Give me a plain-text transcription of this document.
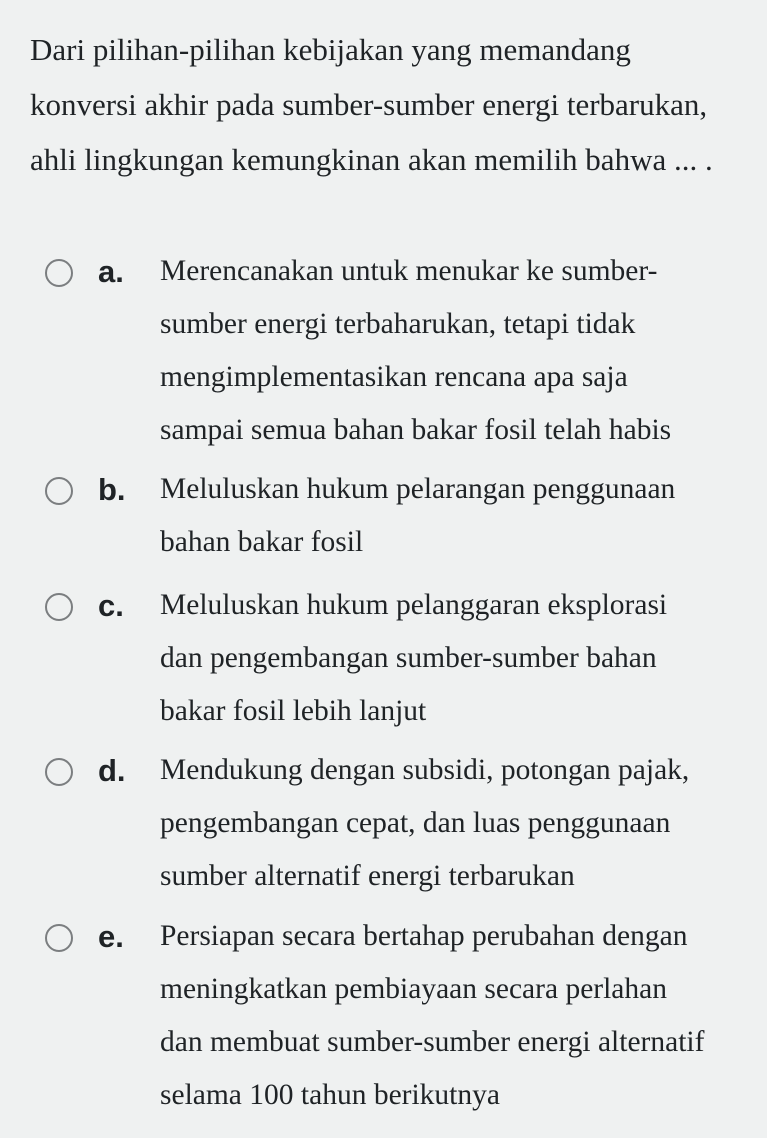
Dari pilihan-pilihan kebijakan yang memandang
konversi akhir pada sumber-sumber energi terbarukan,
ahli lingkungan kemungkinan akan memilih bahwa ... .
a. Merencanakan untuk menukar ke sumber-
sumber energi terbaharukan, tetapi tidak
mengimplementasikan rencana apa saja
sampai semua bahan bakar fosil telah habis
b. Meluluskan hukum pelarangan penggunaan
bahan bakar fosil
c. Meluluskan hukum pelanggaran eksplorasi
dan pengembangan sumber-sumber bahan
bakar fosil lebih lanjut
d. Mendukung dengan subsidi, potongan pajak,
pengembangan cepat, dan luas penggunaan
sumber alternatif energi terbarukan
e. Persiapan secara bertahap perubahan dengan
meningkatkan pembiayaan secara perlahan
dan membuat sumber-sumber energi alternatif
selama 100 tahun berikutnya
